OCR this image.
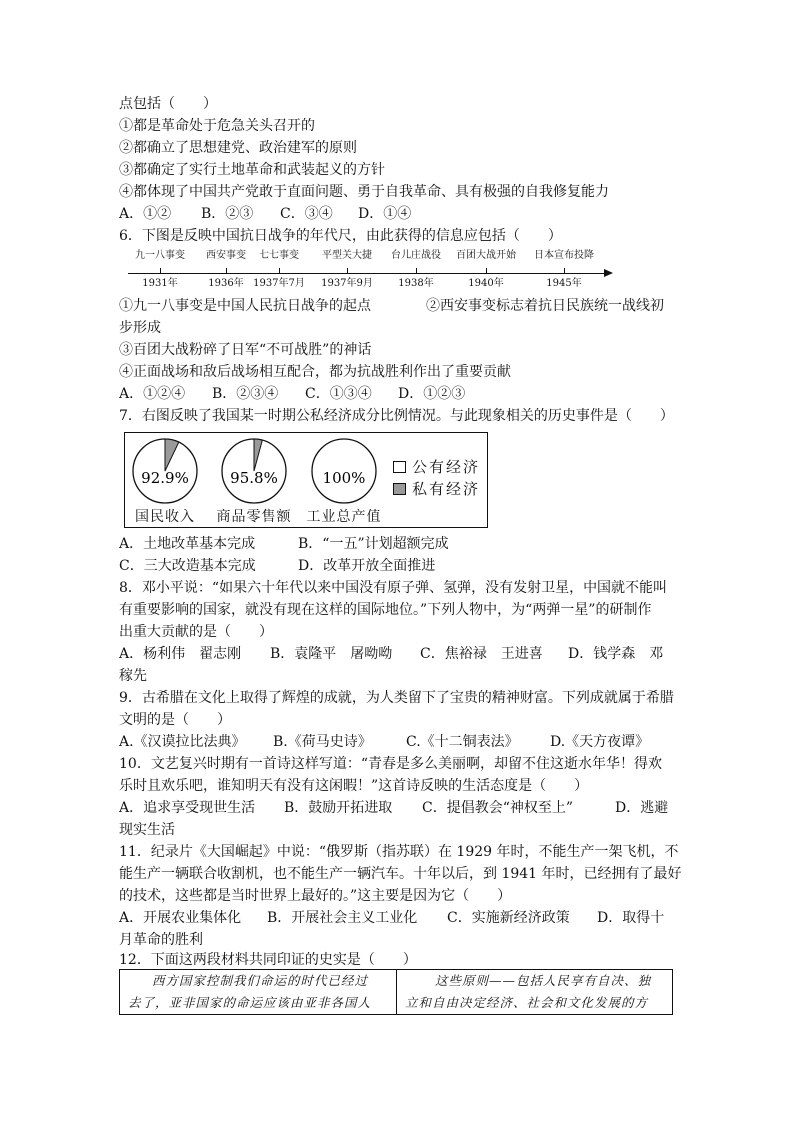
点包括（　　）
①都是革命处于危急关头召开的
②都确立了思想建党、政治建军的原则
③都确定了实行土地革命和武装起义的方针
④都体现了中国共产党敢于直面问题、勇于自我革命、具有极强的自我修复能力
A．①② B．②③ C．③④ D．①④
6．下图是反映中国抗日战争的年代尺，由此获得的信息应包括（　　）
九一八事变 西安事变 七七事变 平型关大捷 台儿庄战役 百团大战开始 日本宣布投降
1931年	1936年 1937年7月 1937年9月	1938年	1940年	1945年
①九一八事变是中国人民抗日战争的起点	②西安事变标志着抗日民族统一战线初
步形成
③百团大战粉碎了日军“不可战胜”的神话
④正面战场和敌后战场相互配合，都为抗战胜利作出了重要贡献
A．①②④ B．②③④ C．①③④ D．①②③
7．右图反映了我国某一时期公私经济成分比例情况。与此现象相关的历史事件是（　　）
92.9%	95.8%	100%
国民收入 商品零售额 工业总产值
公有经济
私有经济
A．土地改革基本完成	B．“一五”计划超额完成
C．三大改造基本完成	D．改革开放全面推进
8．邓小平说：“如果六十年代以来中国没有原子弹、氢弹，没有发射卫星，中国就不能叫
有重要影响的国家，就没有现在这样的国际地位。”下列人物中，为“两弹一星”的研制作
出重大贡献的是（　　）
A．杨利伟　翟志刚 B．袁隆平　屠呦呦 C．焦裕禄　王进喜 D．钱学森　邓
稼先
9．古希腊在文化上取得了辉煌的成就，为人类留下了宝贵的精神财富。下列成就属于希腊
文明的是（　　）
A.《汉谟拉比法典》 B.《荷马史诗》 C.《十二铜表法》 D.《天方夜谭》
10．文艺复兴时期有一首诗这样写道：“青春是多么美丽啊，却留不住这逝水年华！得欢
乐时且欢乐吧，谁知明天有没有这闲暇！”这首诗反映的生活态度是（　　）
A．追求享受现世生活 B．鼓励开拓进取 C．提倡教会“神权至上”	D．逃避
现实生活
11．纪录片《大国崛起》中说：“俄罗斯（指苏联）在 1929 年时，不能生产一架飞机，不
能生产一辆联合收割机，也不能生产一辆汽车。十年以后，到 1941 年时，已经拥有了最好
的技术，这些都是当时世界上最好的。”这主要是因为它（　　）
A．开展农业集体化 B．开展社会主义工业化 C．实施新经济政策 D．取得十
月革命的胜利
12．下面这两段材料共同印证的史实是（　　）
西方国家控制我们命运的时代已经过
去了，亚非国家的命运应该由亚非各国人
这些原则——包括人民享有自决、独
立和自由决定经济、社会和文化发展的方
